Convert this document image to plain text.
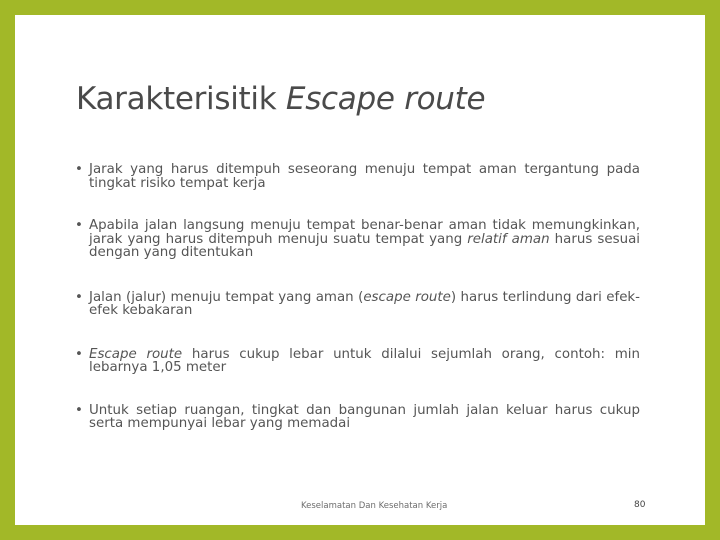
Karakterisitik Escape route
• Jarak yang harus ditempuh seseorang menuju tempat aman tergantung pada tingkat risiko tempat kerja
• Apabila jalan langsung menuju tempat benar-benar aman tidak memungkinkan, jarak yang harus ditempuh menuju suatu tempat yang relatif aman harus sesuai dengan yang ditentukan
• Jalan (jalur) menuju tempat yang aman (escape route) harus terlindung dari efek-efek kebakaran
• Escape route harus cukup lebar untuk dilalui sejumlah orang, contoh: min lebarnya 1,05 meter
• Untuk setiap ruangan, tingkat dan bangunan jumlah jalan keluar harus cukup serta mempunyai lebar yang memadai
Keselamatan Dan Kesehatan Kerja	80
